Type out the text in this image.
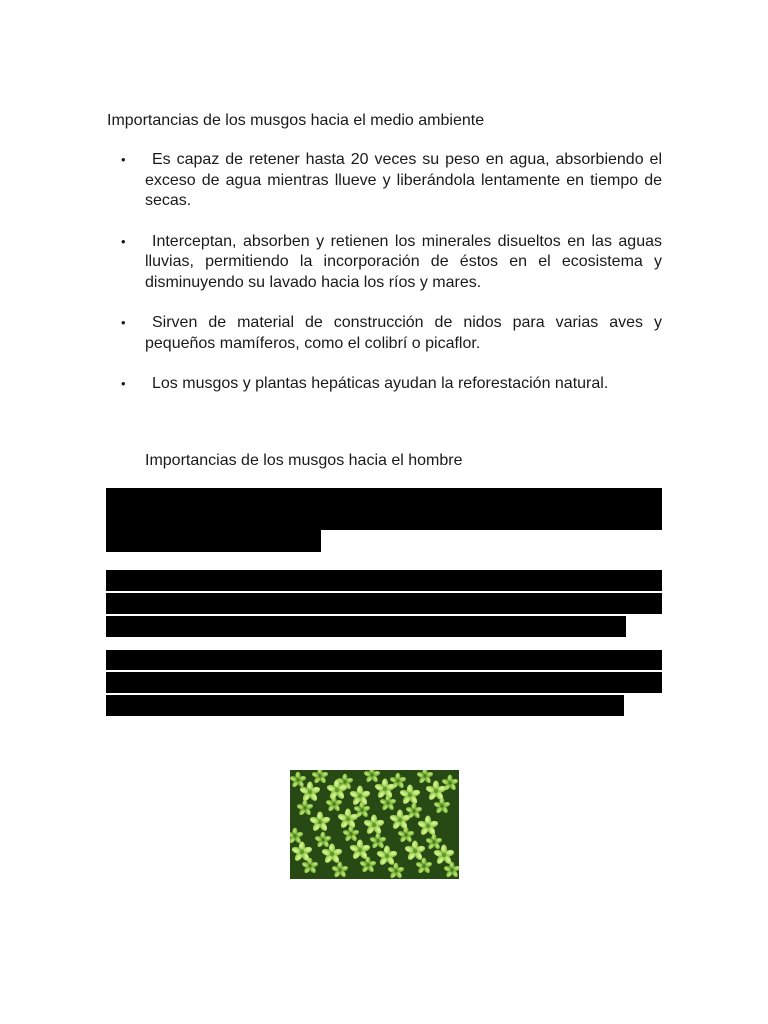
Importancias de los musgos hacia el medio ambiente
•	Es capaz de retener hasta 20 veces su peso en agua, absorbiendo el exceso de agua mientras llueve y liberándola lentamente en tiempo de secas.
•	Interceptan, absorben y retienen los minerales disueltos en las aguas lluvias, permitiendo la incorporación de éstos en el ecosistema y disminuyendo su lavado hacia los ríos y mares.
•	Sirven de material de construcción de nidos para varias aves y pequeños mamíferos, como el colibrí o picaflor.
•	Los musgos y plantas hepáticas ayudan la reforestación natural.
Importancias de los musgos hacia el hombre
